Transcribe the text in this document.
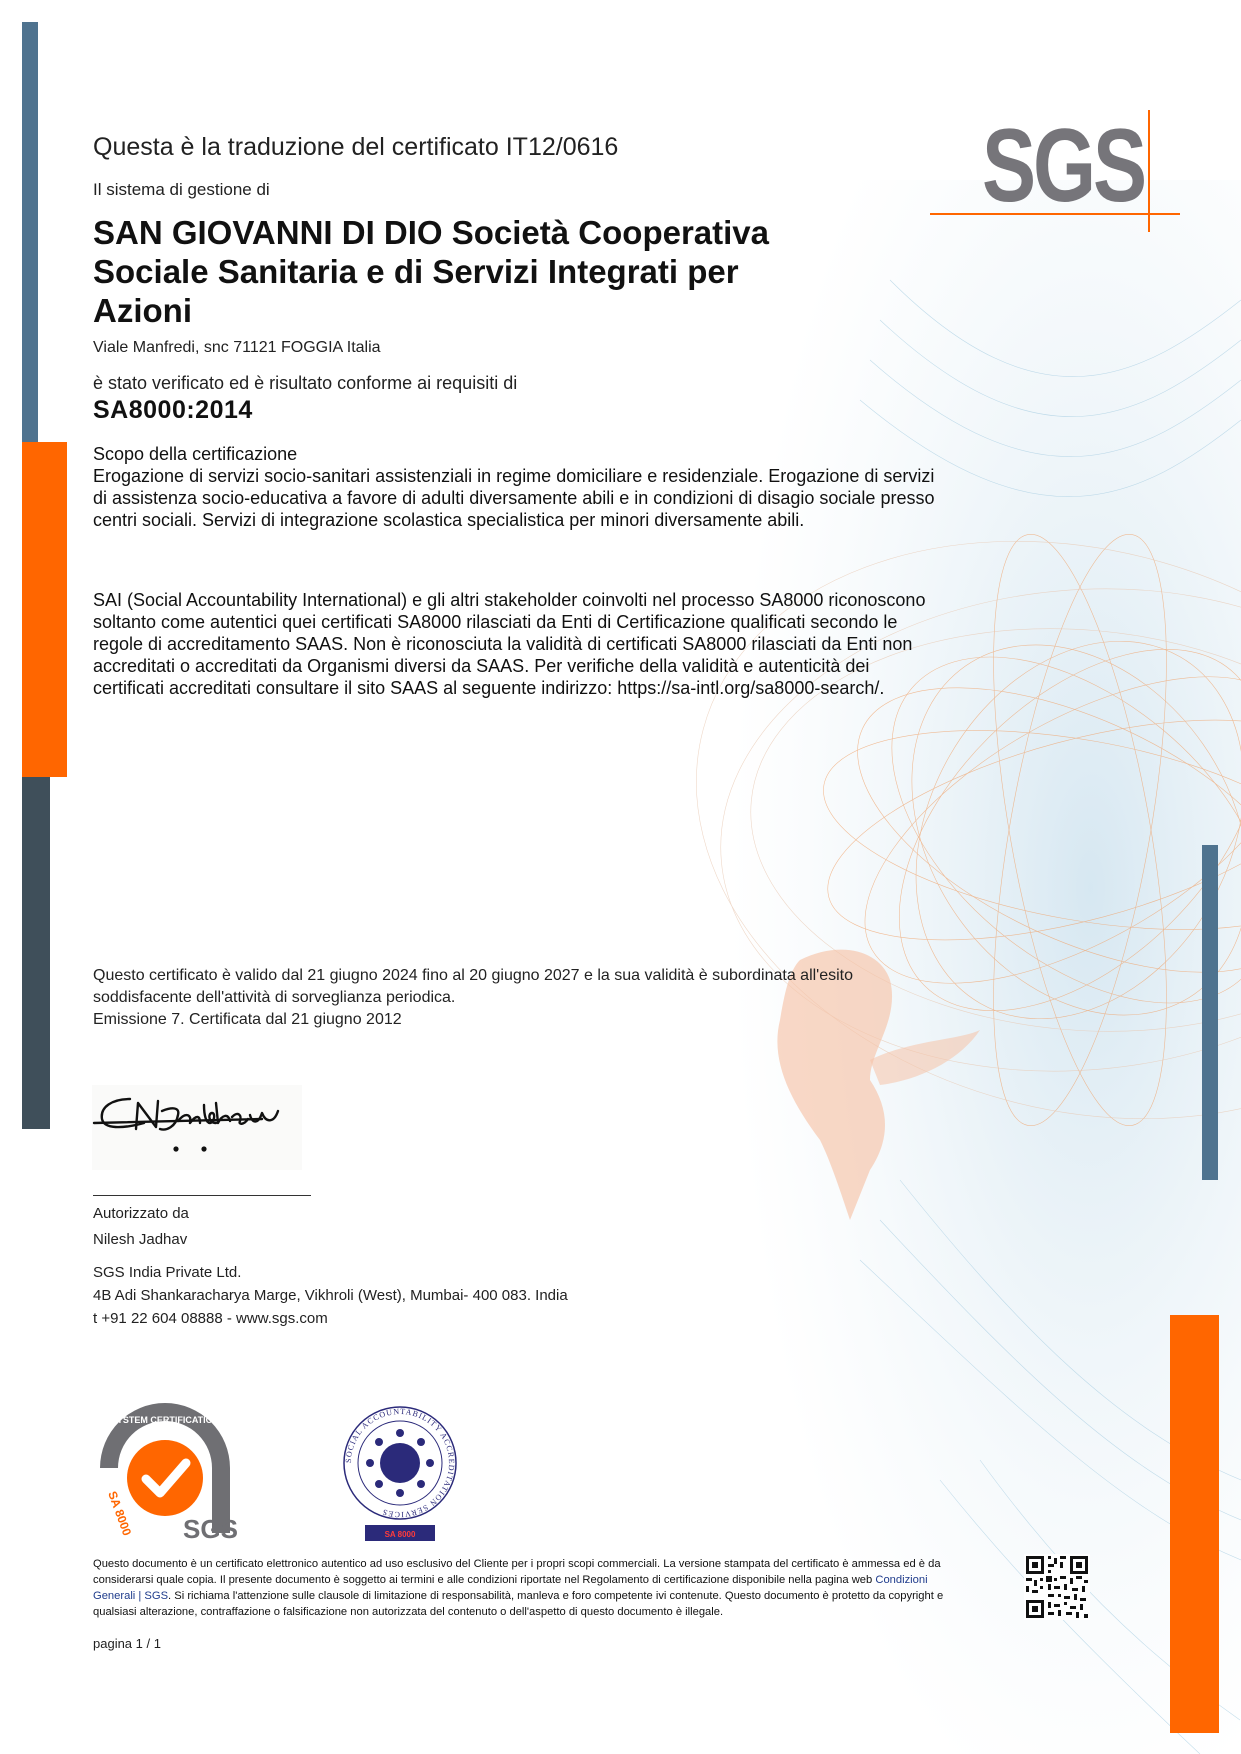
SGS
Questa è la traduzione del certificato IT12/0616
Il sistema di gestione di
SAN GIOVANNI DI DIO Società Cooperativa
Sociale Sanitaria e di Servizi Integrati per
Azioni
Viale Manfredi, snc 71121 FOGGIA Italia
è stato verificato ed è risultato conforme ai requisiti di
SA8000:2014
Scopo della certificazione
Erogazione di servizi socio-sanitari assistenziali in regime domiciliare e residenziale. Erogazione di servizi
di assistenza socio-educativa a favore di adulti diversamente abili e in condizioni di disagio sociale presso
centri sociali. Servizi di integrazione scolastica specialistica per minori diversamente abili.
SAI (Social Accountability International) e gli altri stakeholder coinvolti nel processo SA8000 riconoscono
soltanto come autentici quei certificati SA8000 rilasciati da Enti di Certificazione qualificati secondo le
regole di accreditamento SAAS. Non è riconosciuta la validità di certificati SA8000 rilasciati da Enti non
accreditati o accreditati da Organismi diversi da SAAS. Per verifiche della validità e autenticità dei
certificati accreditati consultare il sito SAAS al seguente indirizzo: https://sa-intl.org/sa8000-search/.
Questo certificato è valido dal 21 giugno 2024 fino al 20 giugno 2027 e la sua validità è subordinata all'esito
soddisfacente dell'attività di sorveglianza periodica.
Emissione 7. Certificata dal 21 giugno 2012
Autorizzato da
Nilesh Jadhav
SGS India Private Ltd.
4B Adi Shankaracharya Marge, Vikhroli (West), Mumbai- 400 083. India
t +91 22 604 08888 - www.sgs.com
SYSTEM CERTIFICATION
SA 8000 SGS
SOCIAL ACCOUNTABILITY ACCREDITATION SERVICES
SA 8000
Questo documento è un certificato elettronico autentico ad uso esclusivo del Cliente per i propri scopi commerciali. La versione stampata del certificato è ammessa ed è da
considerarsi quale copia. Il presente documento è soggetto ai termini e alle condizioni riportate nel Regolamento di certificazione disponibile nella pagina web Condizioni
Generali | SGS. Si richiama l'attenzione sulle clausole di limitazione di responsabilità, manleva e foro competente ivi contenute. Questo documento è protetto da copyright e
qualsiasi alterazione, contraffazione o falsificazione non autorizzata del contenuto o dell'aspetto di questo documento è illegale.
pagina 1 / 1
